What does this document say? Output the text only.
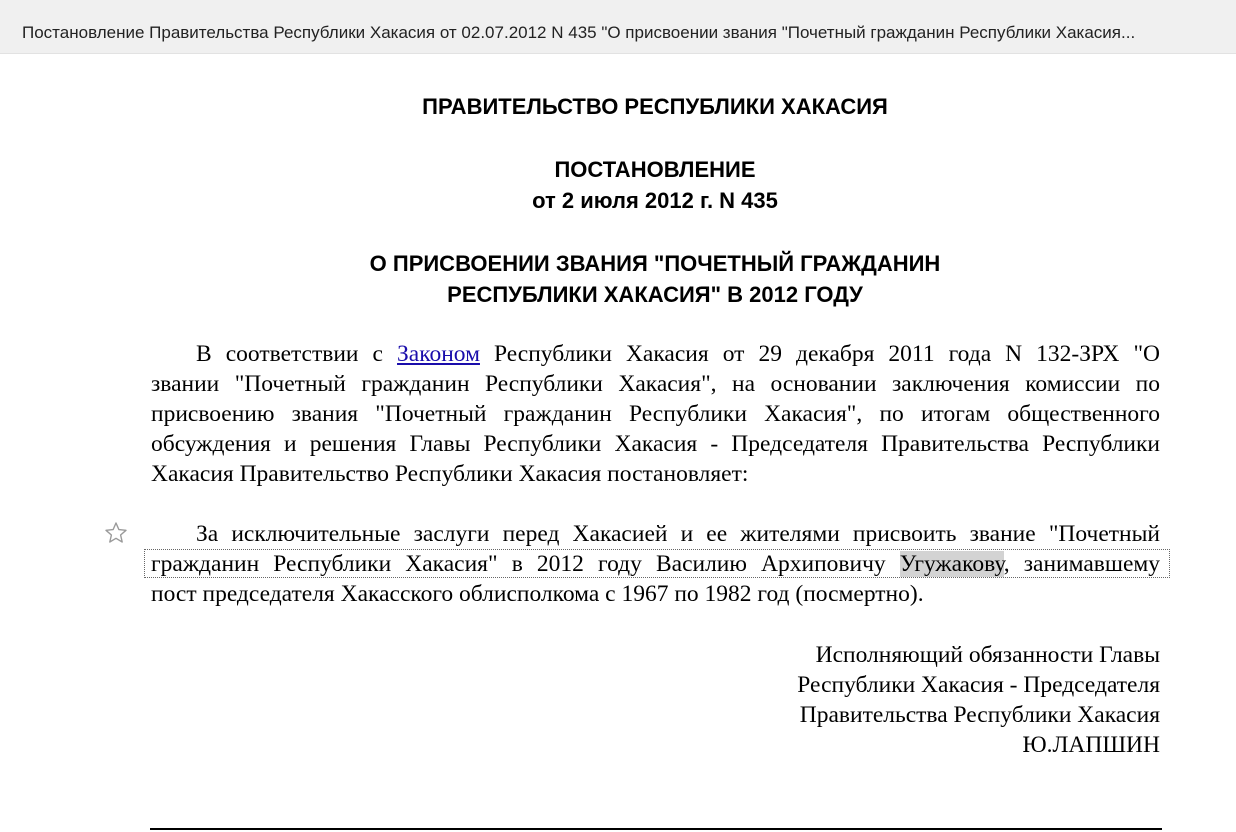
Постановление Правительства Республики Хакасия от 02.07.2012 N 435 "О присвоении звания "Почетный гражданин Республики Хакасия...
ПРАВИТЕЛЬСТВО РЕСПУБЛИКИ ХАКАСИЯ
ПОСТАНОВЛЕНИЕ
от 2 июля 2012 г. N 435
О ПРИСВОЕНИИ ЗВАНИЯ "ПОЧЕТНЫЙ ГРАЖДАНИН
РЕСПУБЛИКИ ХАКАСИЯ" В 2012 ГОДУ
В соответствии с Законом Республики Хакасия от 29 декабря 2011 года N 132-ЗРХ "О
звании "Почетный гражданин Республики Хакасия", на основании заключения комиссии по
присвоению звания "Почетный гражданин Республики Хакасия", по итогам общественного
обсуждения и решения Главы Республики Хакасия - Председателя Правительства Республики
Хакасия Правительство Республики Хакасия постановляет:
За исключительные заслуги перед Хакасией и ее жителями присвоить звание "Почетный
гражданин Республики Хакасия" в 2012 году Василию Архиповичу Угужакову, занимавшему
пост председателя Хакасского облисполкома с 1967 по 1982 год (посмертно).
Исполняющий обязанности Главы
Республики Хакасия - Председателя
Правительства Республики Хакасия
Ю.ЛАПШИН
